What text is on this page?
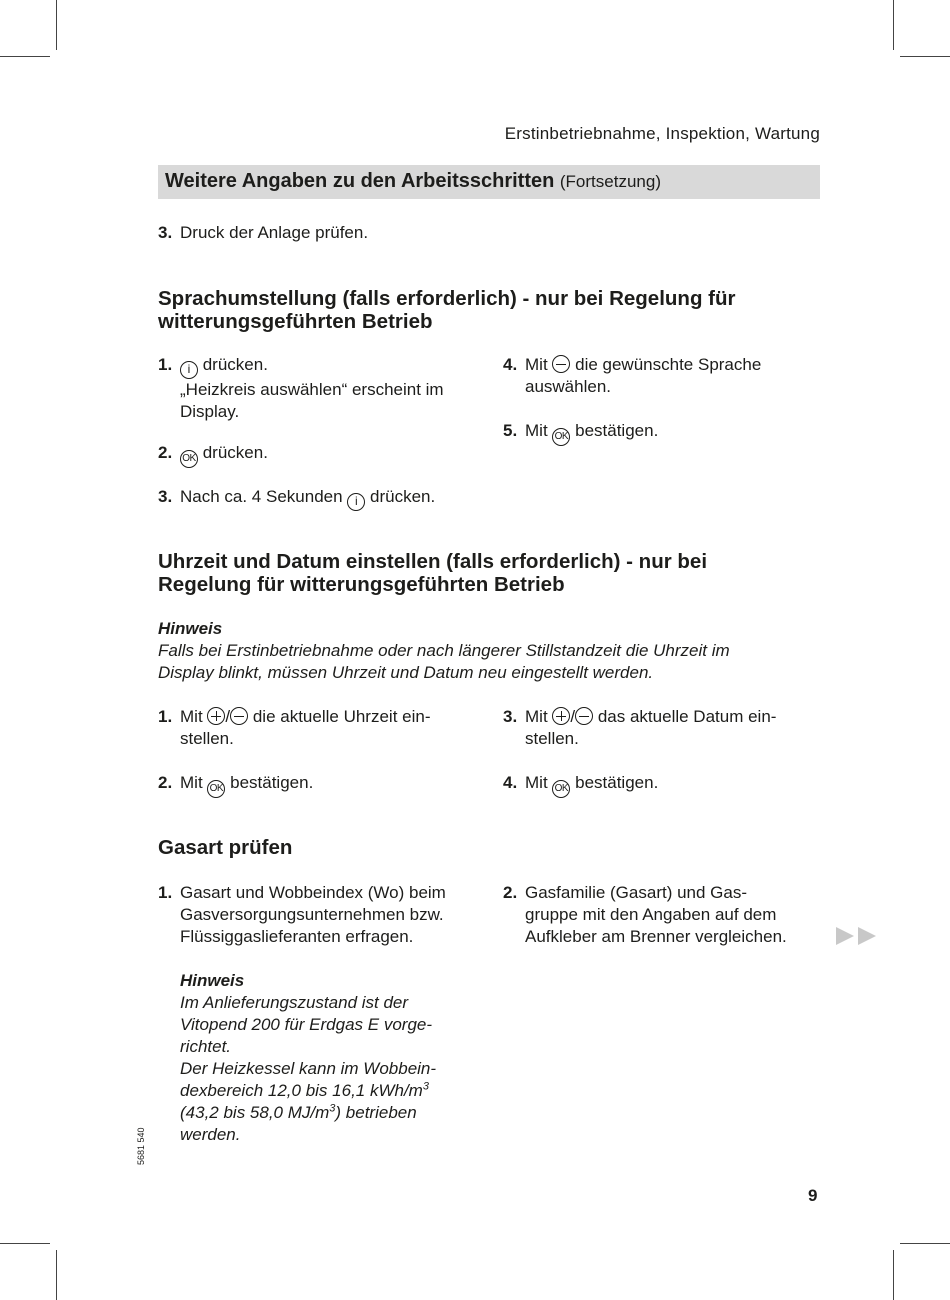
Erstinbetriebnahme, Inspektion, Wartung
Weitere Angaben zu den Arbeitsschritten (Fortsetzung)
3. Druck der Anlage prüfen.
Sprachumstellung (falls erforderlich) - nur bei Regelung für
witterungsgeführten Betrieb
1.	i drücken.
„Heizkreis auswählen“ erscheint im
Display.
2. OK drücken.
3. Nach ca. 4 Sekunden i drücken.
4. Mit  die gewünschte Sprache
auswählen.
5. Mit OK bestätigen.
Uhrzeit und Datum einstellen (falls erforderlich) - nur bei
Regelung für witterungsgeführten Betrieb
Hinweis
Falls bei Erstinbetriebnahme oder nach längerer Stillstandzeit die Uhrzeit im
Display blinkt, müssen Uhrzeit und Datum neu eingestellt werden.
1. Mit / die aktuelle Uhrzeit ein-
stellen.
2. Mit OK bestätigen.
3. Mit / das aktuelle Datum ein-
stellen.
4. Mit OK bestätigen.
Gasart prüfen
1. Gasart und Wobbeindex (Wo) beim
Gasversorgungsunternehmen bzw.
Flüssiggaslieferanten erfragen.
Hinweis
Im Anlieferungszustand ist der
Vitopend 200 für Erdgas E vorge-
richtet.
Der Heizkessel kann im Wobbein-
dexbereich 12,0 bis 16,1 kWh/$m^3$
(43,2 bis 58,0 $MJ/m^3$) betrieben
werden.
2. Gasfamilie (Gasart) und Gas-
gruppe mit den Angaben auf dem
Aufkleber am Brenner vergleichen.
5681 540
9
